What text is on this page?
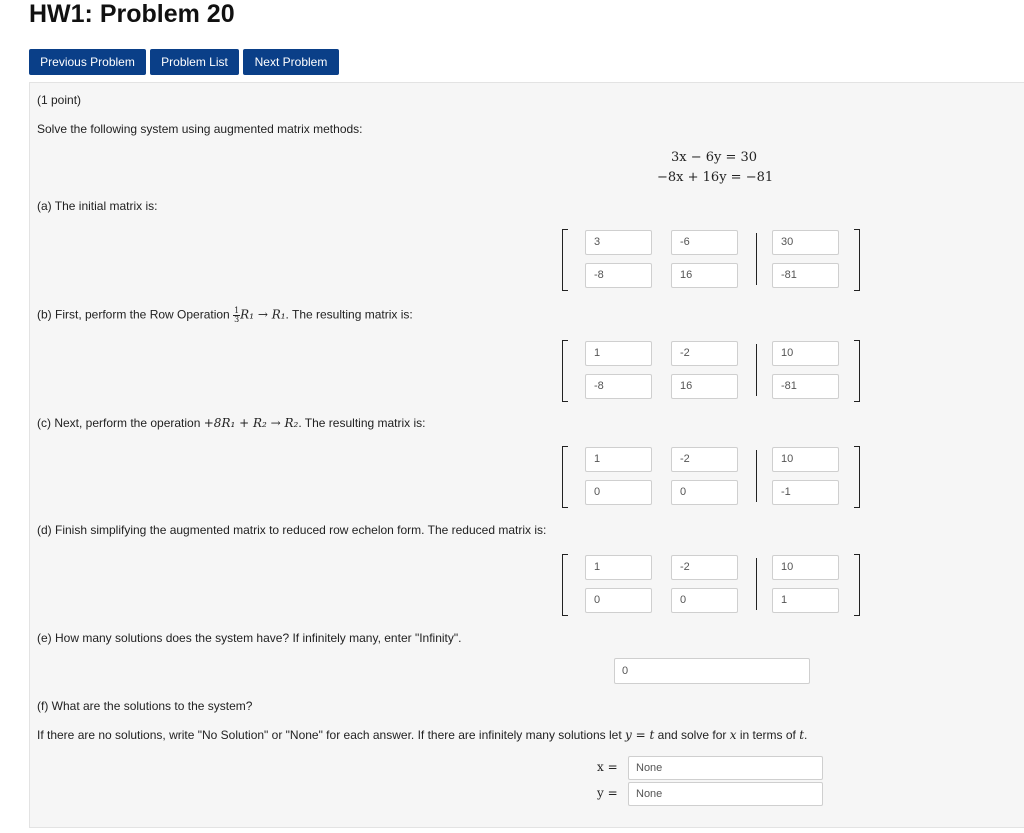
HW1: Problem 20
Previous Problem	Problem List	Next Problem
(1 point)
Solve the following system using augmented matrix methods:
3x − 6y = 30
−8x + 16y = −81
(a) The initial matrix is:
3	-6	30
-8	16	-81
(b) First, perform the Row Operation $\frac{1}{3} R_1 \to R_1$. The resulting matrix is:
1	-2	10
-8	16	-81
(c) Next, perform the operation +8R₁ + R₂ → R₂. The resulting matrix is:
1	-2	10
0	0	-1
(d) Finish simplifying the augmented matrix to reduced row echelon form. The reduced matrix is:
1	-2	10
0	0	1
(e) How many solutions does the system have? If infinitely many, enter "Infinity".
0
(f) What are the solutions to the system?
If there are no solutions, write "No Solution" or "None" for each answer. If there are infinitely many solutions let y = t and solve for x in terms of t.
x =	None
y =	None
